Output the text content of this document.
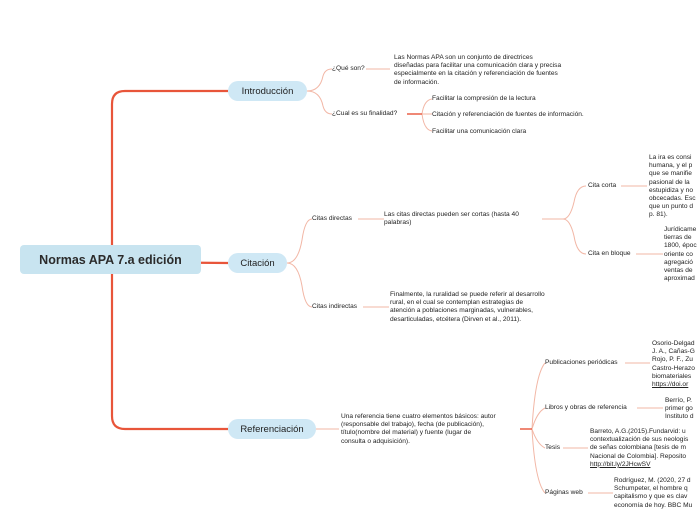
Normas APA 7.a edición
Introducción
¿Qué son?
Las Normas APA son un conjunto de directrices
diseñadas para facilitar una comunicación clara y precisa
especialmente en la citación y referenciación de fuentes
de información.
¿Cual es su finalidad?
Facilitar la compresión de la lectura
Citación y referenciación de fuentes de información.
Facilitar una comunicación clara
Citación
Citas directas
Las citas directas pueden ser cortas (hasta 40
palabras)
Cita corta
La ira es consi
humana, y el p
que se manifie
pasional de la
estupidiza y no
obcecadas. Esc
que un punto d
p. 81).
Cita en bloque
Jurídicame
tierras de
1800, époc
oriente co
agregació
ventas de
aproximad
Citas indirectas
Finalmente, la ruralidad se puede referir al desarrollo
rural, en el cual se contemplan estrategias de
atención a poblaciones marginadas, vulnerables,
desarticuladas, etcétera (Dirven et al., 2011).
Referenciación
Una referencia tiene cuatro elementos básicos: autor
(responsable del trabajo), fecha (de publicación),
título(nombre del material) y fuente (lugar de
consulta o adquisición).
Publicaciones periódicas
Osorio-Delgad
J. A., Cañas-G
Rojo, P. F., Zu
Castro-Herazo
biomateriales
https://doi.or
Libros y obras de referencia
Berrío, P.
primer go
Instituto d
Tesis
Barreto, A.G.(2015).Fundarvid: u
contextualización de sus neologis
de señas colombiana [tesis de m
Nacional de Colombia]. Reposito
http://bit.ly/2JHcwSV
Páginas web
Rodríguez, M. (2020, 27 d
Schumpeter, el hombre q
capitalismo y que es clav
economía de hoy. BBC Mu
